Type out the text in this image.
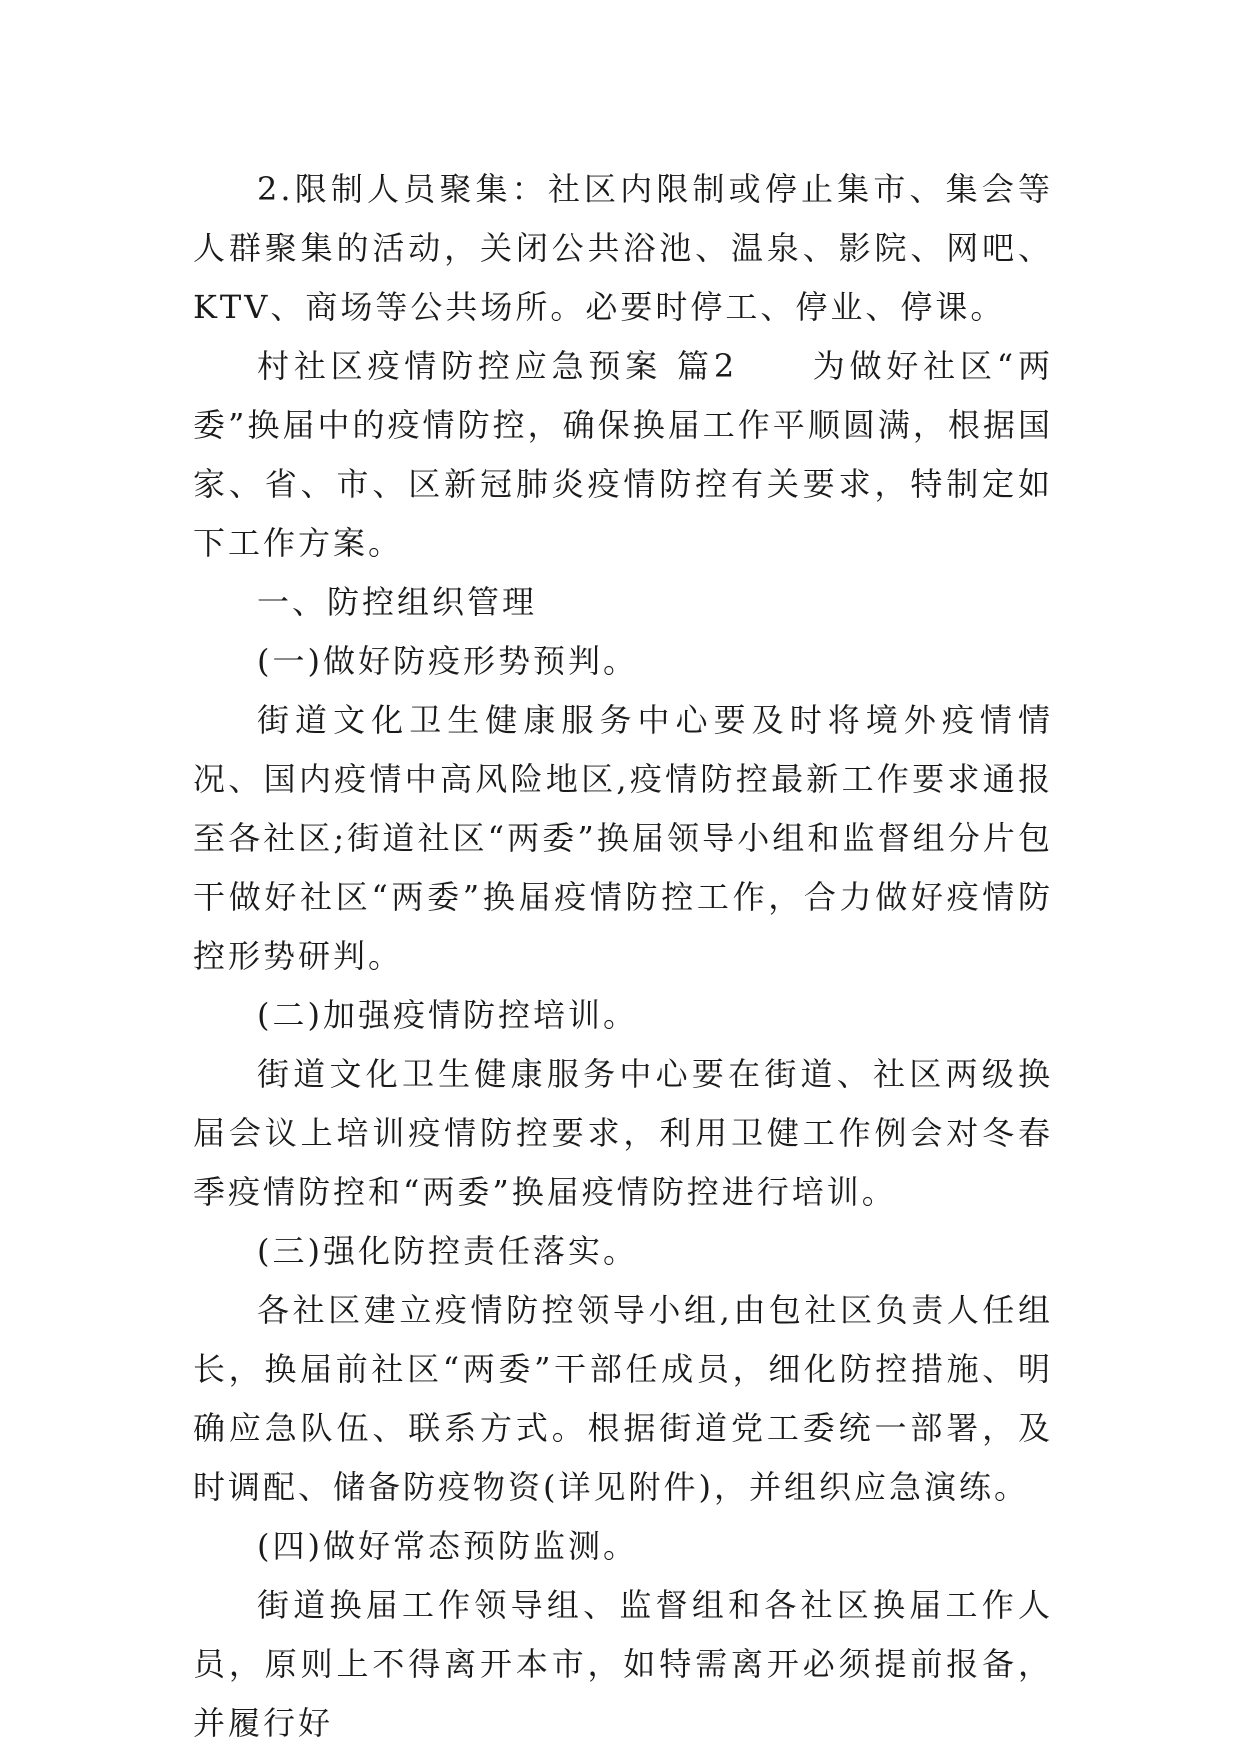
2.限制人员聚集：社区内限制或停止集市、集会等人群聚集的活动，关闭公共浴池、温泉、影院、网吧、KTV、商场等公共场所。必要时停工、停业、停课。

村社区疫情防控应急预案 篇2　　为做好社区“两委”换届中的疫情防控，确保换届工作平顺圆满，根据国家、省、市、区新冠肺炎疫情防控有关要求，特制定如下工作方案。

一、防控组织管理

(一)做好防疫形势预判。

街道文化卫生健康服务中心要及时将境外疫情情况、国内疫情中高风险地区,疫情防控最新工作要求通报至各社区;街道社区“两委”换届领导小组和监督组分片包干做好社区“两委”换届疫情防控工作，合力做好疫情防控形势研判。

(二)加强疫情防控培训。

街道文化卫生健康服务中心要在街道、社区两级换届会议上培训疫情防控要求，利用卫健工作例会对冬春季疫情防控和“两委”换届疫情防控进行培训。

(三)强化防控责任落实。

各社区建立疫情防控领导小组,由包社区负责人任组长，换届前社区“两委”干部任成员，细化防控措施、明确应急队伍、联系方式。根据街道党工委统一部署，及时调配、储备防疫物资(详见附件)，并组织应急演练。

(四)做好常态预防监测。

街道换届工作领导组、监督组和各社区换届工作人员，原则上不得离开本市，如特需离开必须提前报备，并履行好
